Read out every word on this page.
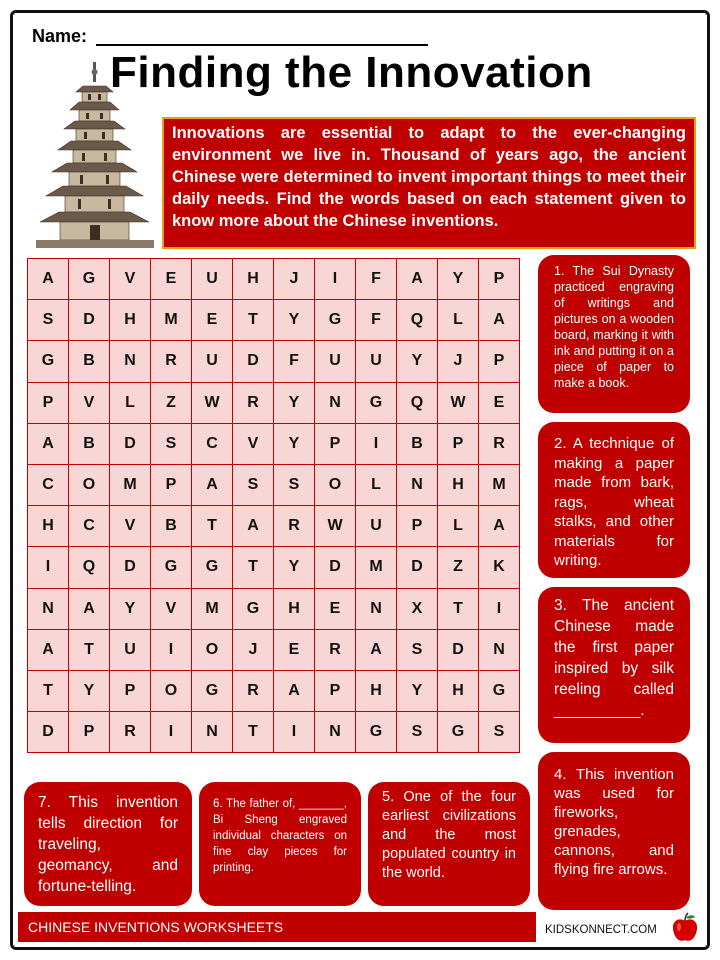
Name:
Finding the Innovation
Innovations are essential to adapt to the ever-changing environment we live in. Thousand of years ago, the ancient Chinese were determined to invent important things to meet their daily needs. Find the words based on each statement given to know more about the Chinese inventions.
A	G	V	E	U	H	J	I	F	A	Y	P
S	D	H	M	E	T	Y	G	F	Q	L	A
G	B	N	R	U	D	F	U	U	Y	J	P
P	V	L	Z	W	R	Y	N	G	Q	W	E
A	B	D	S	C	V	Y	P	I	B	P	R
C	O	M	P	A	S	S	O	L	N	H	M
H	C	V	B	T	A	R	W	U	P	L	A
I	Q	D	G	G	T	Y	D	M	D	Z	K
N	A	Y	V	M	G	H	E	N	X	T	I
A	T	U	I	O	J	E	R	A	S	D	N
T	Y	P	O	G	R	A	P	H	Y	H	G
D	P	R	I	N	T	I	N	G	S	G	S
1. The Sui Dynasty practiced engraving of writings and pictures on a wooden board, marking it with ink and putting it on a piece of paper to make a book.
2. A technique of making a paper made from bark, rags, wheat stalks, and other materials for writing.
3. The ancient Chinese made the first paper inspired by silk reeling called __________.
4. This invention was used for fireworks, grenades, cannons, and flying fire arrows.
5. One of the four earliest civilizations and the most populated country in the world.
6. The father of, _______, Bi Sheng engraved individual characters on fine clay pieces for printing.
7. This invention tells direction for traveling, geomancy, and fortune-telling.
CHINESE INVENTIONS WORKSHEETS	KIDSKONNECT.COM
